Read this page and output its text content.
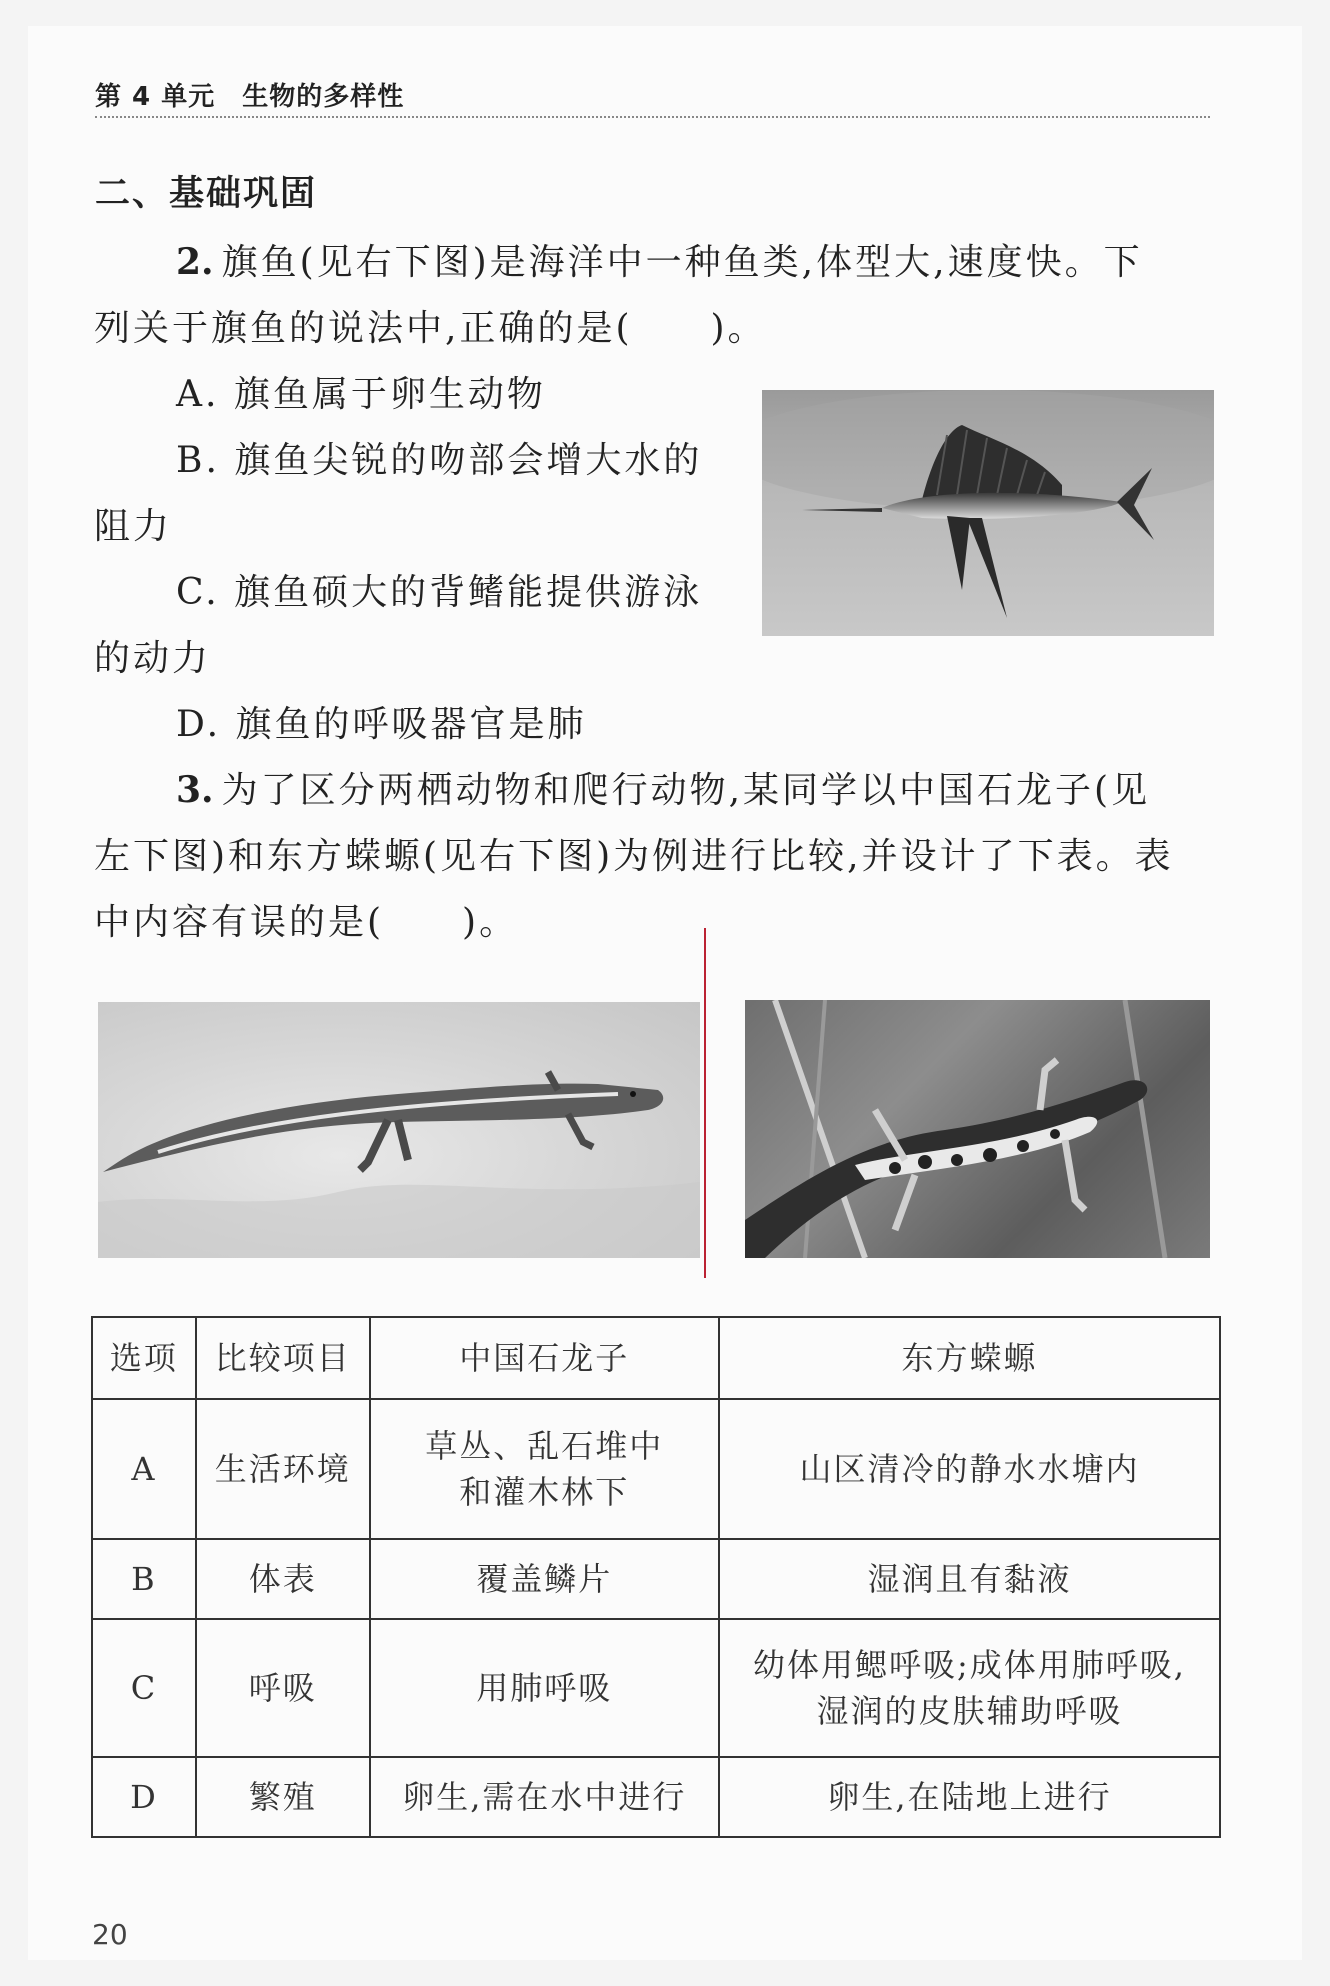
第 4 单元　生物的多样性
二、基础巩固
2. 旗鱼(见右下图)是海洋中一种鱼类,体型大,速度快。下
列关于旗鱼的说法中,正确的是(　　)。
A. 旗鱼属于卵生动物
B. 旗鱼尖锐的吻部会增大水的
阻力
C. 旗鱼硕大的背鳍能提供游泳
的动力
D. 旗鱼的呼吸器官是肺
3. 为了区分两栖动物和爬行动物,某同学以中国石龙子(见
左下图)和东方蝾螈(见右下图)为例进行比较,并设计了下表。表
中内容有误的是(　　)。
选项	比较项目	中国石龙子	东方蝾螈
A	生活环境	草丛、乱石堆中
和灌木林下	山区清冷的静水水塘内
B	体表	覆盖鳞片	湿润且有黏液
C	呼吸	用肺呼吸	幼体用鳃呼吸;成体用肺呼吸,
湿润的皮肤辅助呼吸

D	繁殖	卵生,需在水中进行	卵生,在陆地上进行
20
